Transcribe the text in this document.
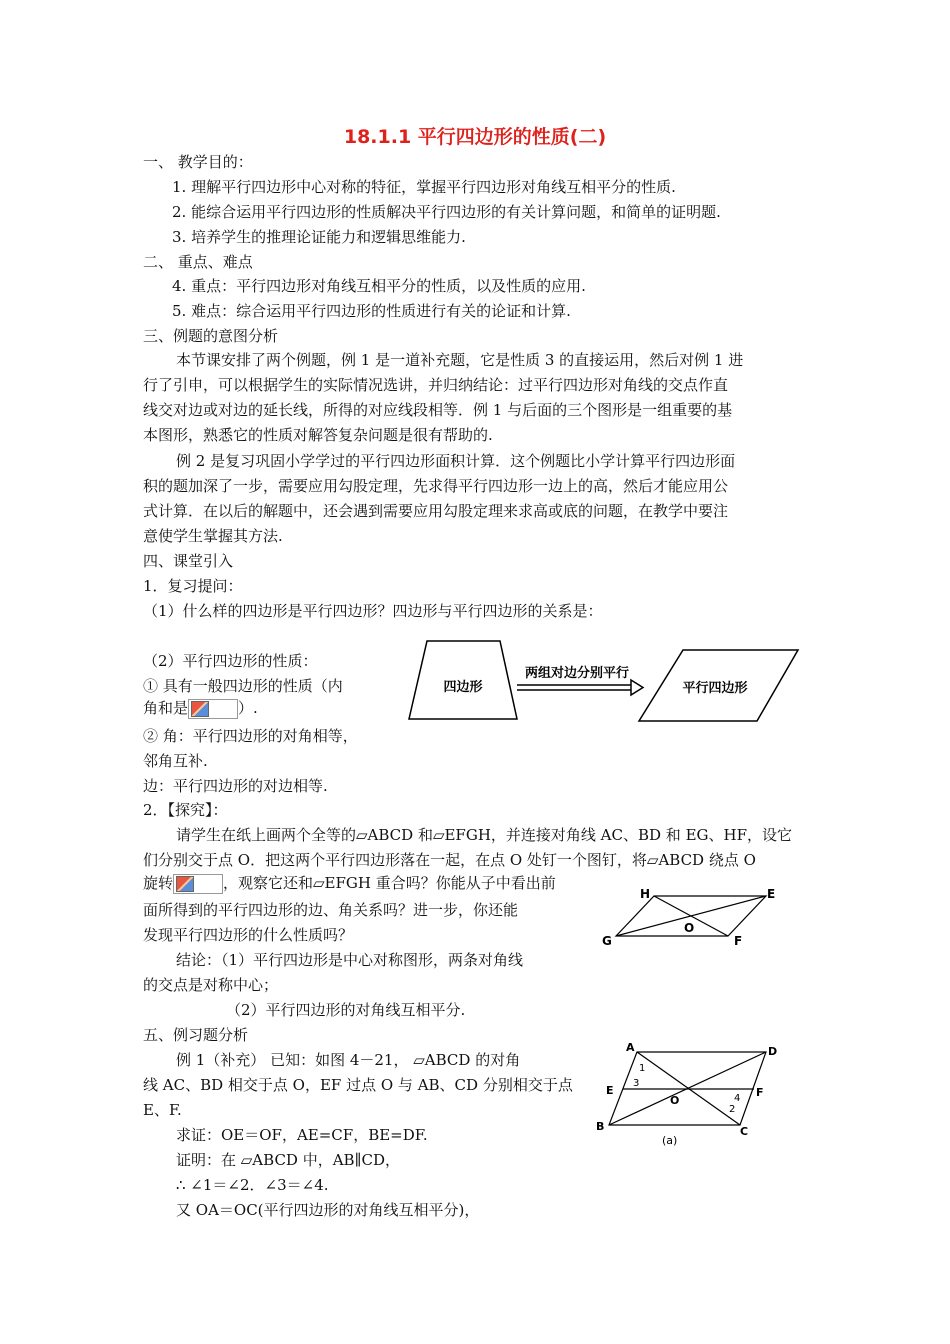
18.1.1 平行四边形的性质(二)
一、 教学目的：
1. 理解平行四边形中心对称的特征，掌握平行四边形对角线互相平分的性质.
2. 能综合运用平行四边形的性质解决平行四边形的有关计算问题，和简单的证明题.
3. 培养学生的推理论证能力和逻辑思维能力.
二、 重点、难点
4. 重点：平行四边形对角线互相平分的性质，以及性质的应用.
5. 难点：综合运用平行四边形的性质进行有关的论证和计算.
三、例题的意图分析
本节课安排了两个例题，例 1 是一道补充题，它是性质 3 的直接运用，然后对例 1 进
行了引申，可以根据学生的实际情况选讲，并归纳结论：过平行四边形对角线的交点作直
线交对边或对边的延长线，所得的对应线段相等．例 1 与后面的三个图形是一组重要的基
本图形，熟悉它的性质对解答复杂问题是很有帮助的.
例 2 是复习巩固小学学过的平行四边形面积计算．这个例题比小学计算平行四边形面
积的题加深了一步，需要应用勾股定理，先求得平行四边形一边上的高，然后才能应用公
式计算．在以后的解题中，还会遇到需要应用勾股定理来求高或底的问题，在教学中要注
意使学生掌握其方法.
四、课堂引入
1．复习提问：
（1）什么样的四边形是平行四边形？四边形与平行四边形的关系是：
（2）平行四边形的性质：
① 具有一般四边形的性质（内
角和是	）.
② 角：平行四边形的对角相等，
邻角互补.
边：平行四边形的对边相等.
四边形
两组对边分别平行
平行四边形
2．【探究】：
请学生在纸上画两个全等的▱ABCD 和▱EFGH，并连接对角线 AC、BD 和 EG、HF，设它
们分别交于点 O．把这两个平行四边形落在一起，在点 O 处钉一个图钉，将▱ABCD 绕点 O
旋转	，观察它还和▱EFGH 重合吗？你能从子中看出前
面所得到的平行四边形的边、角关系吗？进一步，你还能
发现平行四边形的什么性质吗？
结论：（1）平行四边形是中心对称图形，两条对角线
的交点是对称中心；
（2）平行四边形的对角线互相平分.
H	E
G	F
O
五、例习题分析
例 1（补充） 已知：如图 4－21， ▱ABCD 的对角
线 AC、BD 相交于点 O，EF 过点 O 与 AB、CD 分别相交于点
E、F.
求证：OE＝OF，AE=CF，BE=DF.
证明：在 ▱ABCD 中，AB∥CD，
∴ ∠1＝∠2．∠3＝∠4.
又 OA＝OC(平行四边形的对角线互相平分)，
A	D
E	F
B	C
O
1
2
3
4
(a)
